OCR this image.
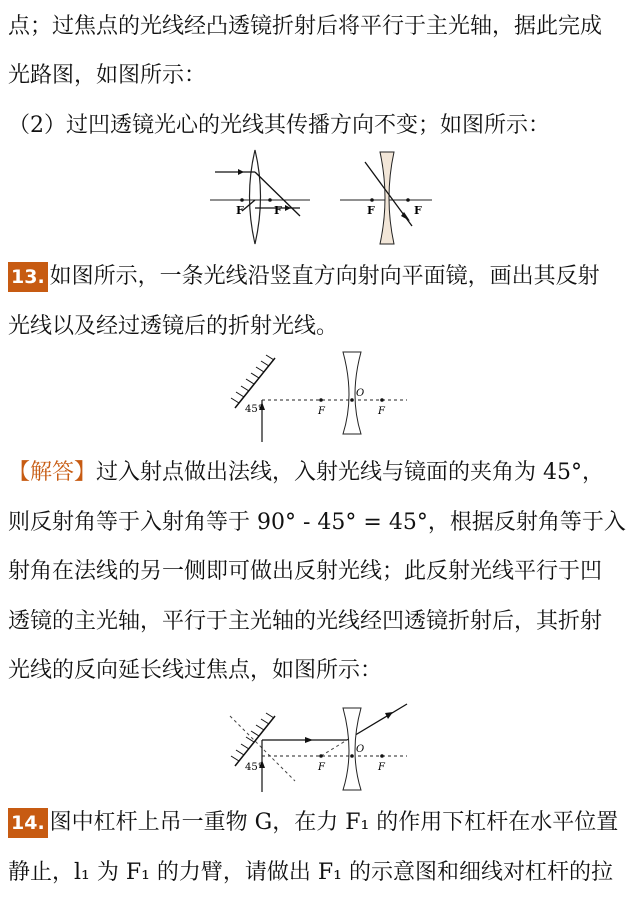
点；过焦点的光线经凸透镜折射后将平行于主光轴，据此完成
光路图，如图所示：
（2）过凹透镜光心的光线其传播方向不变；如图所示：
F	F	F	F
13. 如图所示，一条光线沿竖直方向射向平面镜，画出其反射
光线以及经过透镜后的折射光线。
45°	F
O
F
【解答】过入射点做出法线，入射光线与镜面的夹角为 45°，
则反射角等于入射角等于 90° - 45° = 45°，根据反射角等于入
射角在法线的另一侧即可做出反射光线；此反射光线平行于凹
透镜的主光轴，平行于主光轴的光线经凹透镜折射后，其折射
光线的反向延长线过焦点，如图所示：
45°	F
O
F
14. 图中杠杆上吊一重物 G，在力 F₁ 的作用下杠杆在水平位置
静止，l₁ 为 F₁ 的力臂，请做出 F₁ 的示意图和细线对杠杆的拉
